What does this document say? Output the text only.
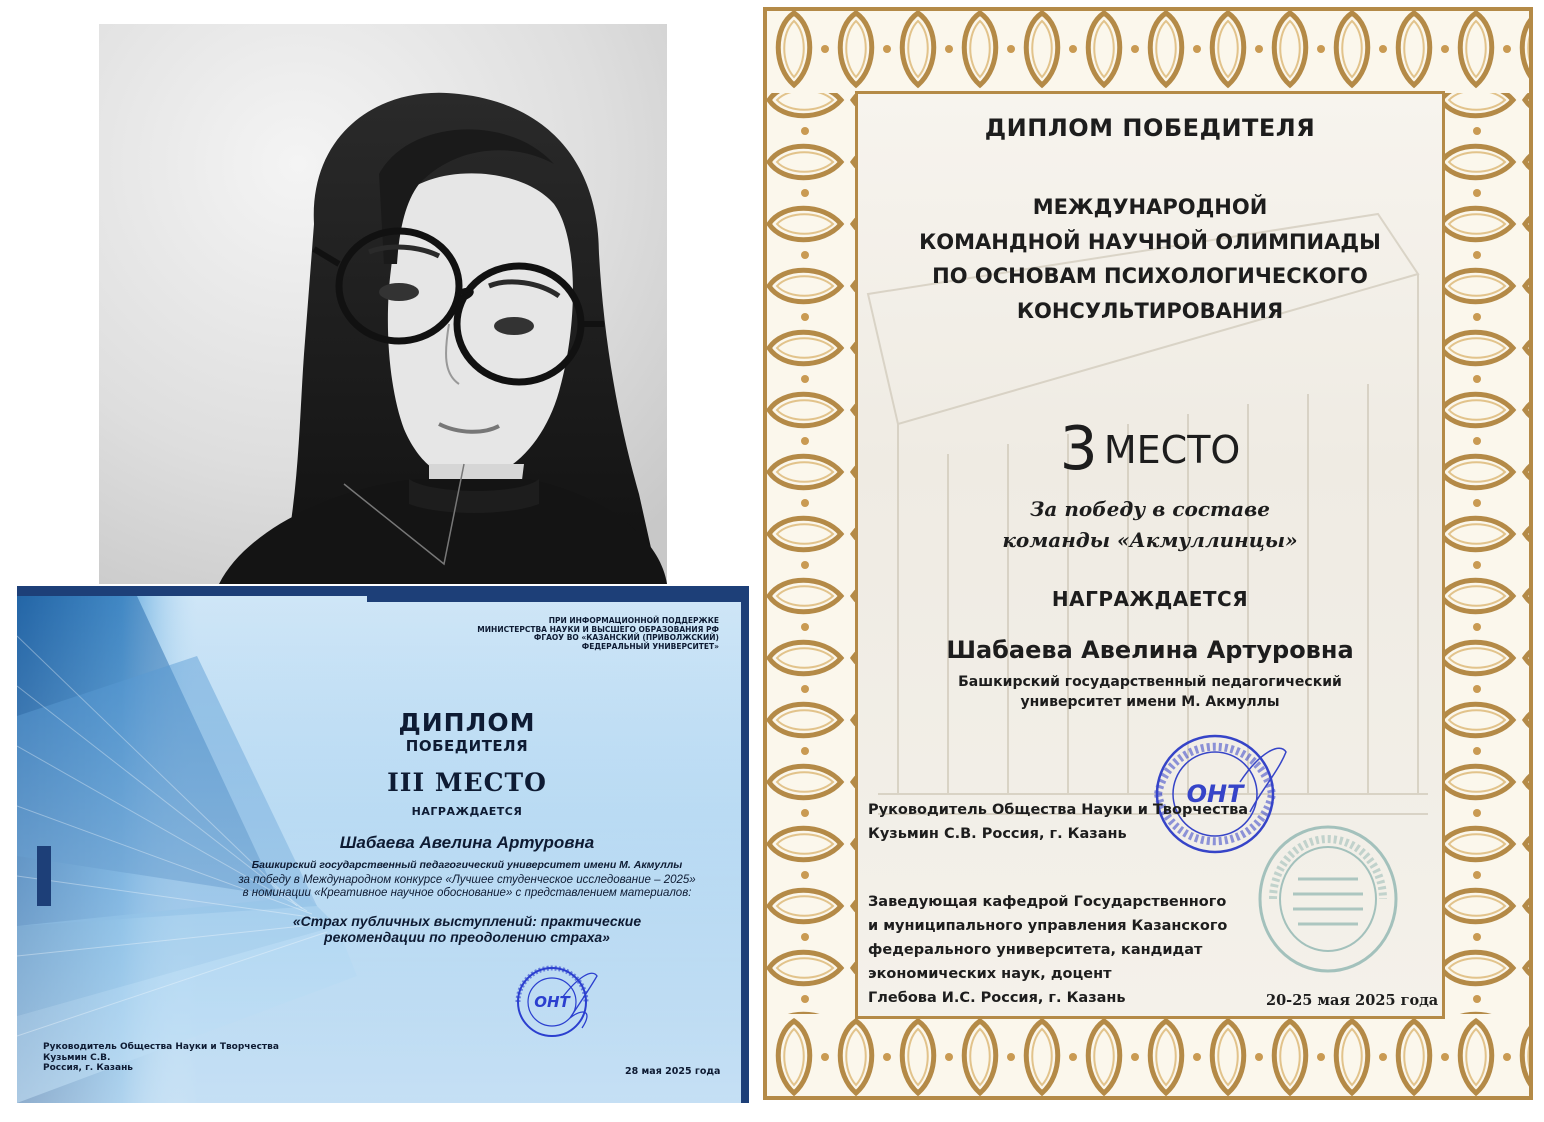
ПРИ ИНФОРМАЦИОННОЙ ПОДДЕРЖКЕ
МИНИСТЕРСТВА НАУКИ И ВЫСШЕГО ОБРАЗОВАНИЯ РФ
ФГАОУ ВО «КАЗАНСКИЙ (ПРИВОЛЖСКИЙ)
ФЕДЕРАЛЬНЫЙ УНИВЕРСИТЕТ»
ДИПЛОМ
ПОБЕДИТЕЛЯ
III МЕСТО
НАГРАЖДАЕТСЯ
Шабаева Авелина Артуровна
Башкирский государственный педагогический университет имени М. Акмуллы
за победу в Международном конкурсе «Лучшее студенческое исследование – 2025»
в номинации «Креативное научное обоснование» с представлением материалов:
«Страх публичных выступлений: практические
рекомендации по преодолению страха»
ОНТ
Руководитель Общества Науки и Творчества
Кузьмин С.В.
Россия, г. Казань	28 мая 2025 года
ОНТ
ДИПЛОМ ПОБЕДИТЕЛЯ
МЕЖДУНАРОДНОЙ
КОМАНДНОЙ НАУЧНОЙ ОЛИМПИАДЫ
ПО ОСНОВАМ ПСИХОЛОГИЧЕСКОГО
КОНСУЛЬТИРОВАНИЯ
3 МЕСТО
За победу в составе
команды «Акмуллинцы»
НАГРАЖДАЕТСЯ
Шабаева Авелина Артуровна
Башкирский государственный педагогический
университет имени М. Акмуллы
Руководитель Общества Науки и Творчества
Кузьмин С.В. Россия, г. Казань
Заведующая кафедрой Государственного
и муниципального управления Казанского
федерального университета, кандидат
экономических наук, доцент
Глебова И.С. Россия, г. Казань	20-25 мая 2025 года
